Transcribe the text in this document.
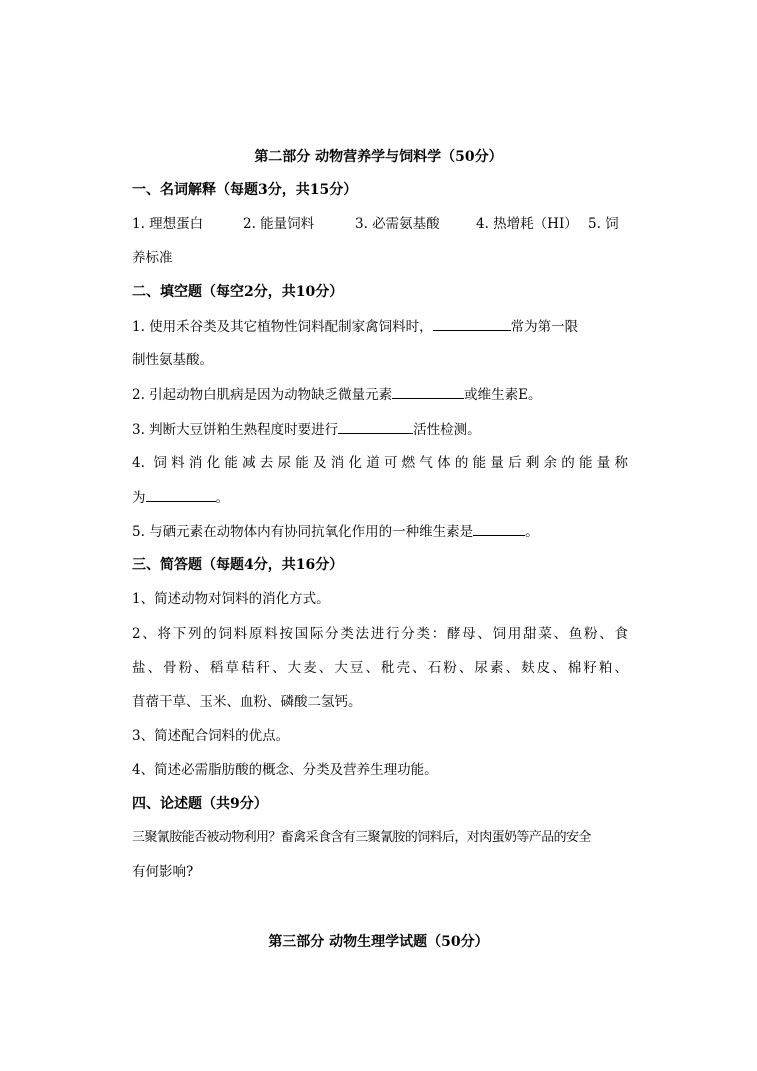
第二部分 动物营养学与饲料学（50分）
一、名词解释（每题3分，共15分）
1. 理想蛋白	2. 能量饲料	3. 必需氨基酸	4. 热增耗（HI） 5. 饲
养标准
二、填空题（每空2分，共10分）
1. 使用禾谷类及其它植物性饲料配制家禽饲料时，	常为第一限
制性氨基酸。
2. 引起动物白肌病是因为动物缺乏微量元素	或维生素E。
3. 判断大豆饼粕生熟程度时要进行	活性检测。
4. 饲料消化能减去尿能及消化道可燃气体的能量后剩余的能量称
为	。
5. 与硒元素在动物体内有协同抗氧化作用的一种维生素是	。
三、简答题（每题4分，共16分）
1、简述动物对饲料的消化方式。
2、将下列的饲料原料按国际分类法进行分类：酵母、饲用甜菜、鱼粉、食
盐、骨粉、稻草秸秆、大麦、大豆、秕壳、石粉、尿素、麸皮、棉籽粕、
苜蓿干草、玉米、血粉、磷酸二氢钙。
3、简述配合饲料的优点。
4、简述必需脂肪酸的概念、分类及营养生理功能。
四、论述题（共9分）
三聚氰胺能否被动物利用？畜禽采食含有三聚氰胺的饲料后，对肉蛋奶等产品的安全
有何影响?
第三部分 动物生理学试题（50分）
